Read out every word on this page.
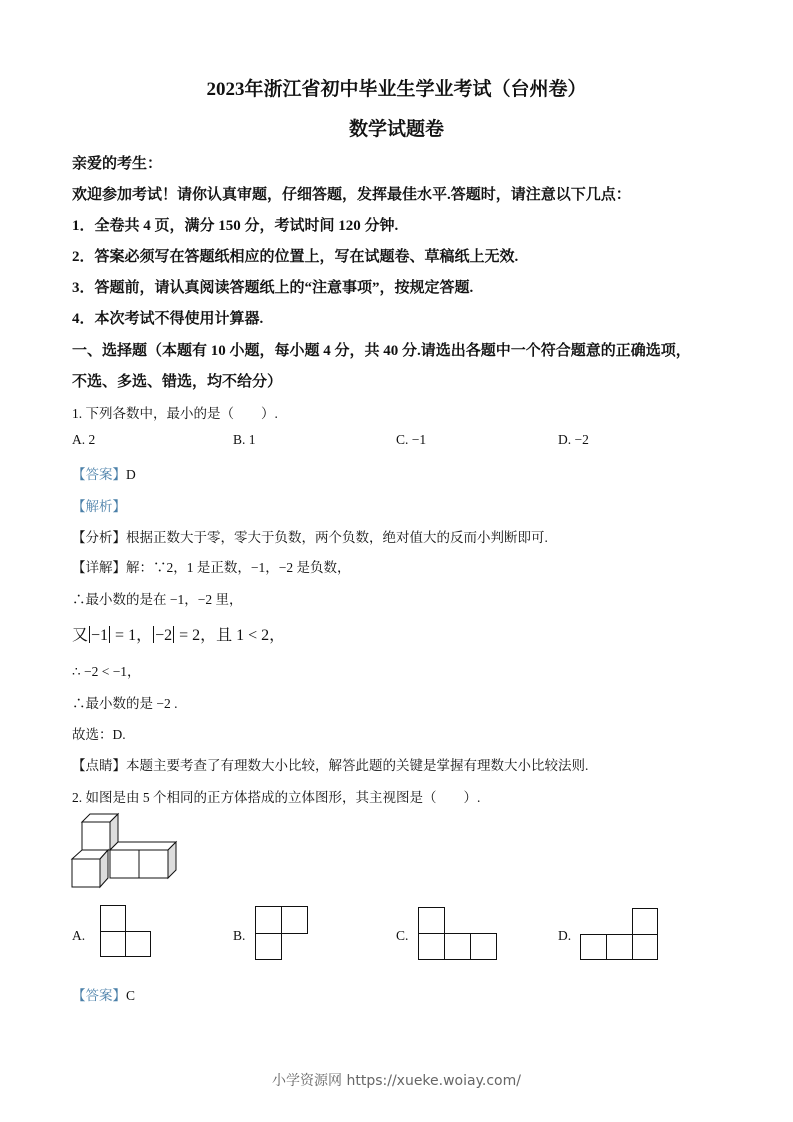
2023年浙江省初中毕业生学业考试（台州卷）
数学试题卷
亲爱的考生：
欢迎参加考试！请你认真审题，仔细答题，发挥最佳水平.答题时，请注意以下几点：
1．全卷共 4 页，满分 150 分，考试时间 120 分钟.
2．答案必须写在答题纸相应的位置上，写在试题卷、草稿纸上无效.
3．答题前，请认真阅读答题纸上的“注意事项”，按规定答题.
4．本次考试不得使用计算器.
一、选择题（本题有 10 小题，每小题 4 分，共 40 分.请选出各题中一个符合题意的正确选项，
不选、多选、错选，均不给分）
1. 下列各数中，最小的是（　　）.
A. 2	B. 1	C. −1	D. −2
【答案】D
【解析】
【分析】根据正数大于零，零大于负数，两个负数，绝对值大的反而小判断即可.
【详解】解：∵2，1 是正数，−1，−2 是负数，
∴最小数的是在 −1，−2 里，
又 −1 = 1， −2 = 2，且 1 < 2，
∴ −2 < −1，
∴最小数的是 −2 .
故选：D.
【点睛】本题主要考查了有理数大小比较，解答此题的关键是掌握有理数大小比较法则.
2. 如图是由 5 个相同的正方体搭成的立体图形，其主视图是（　　）.
A.	B.	C.	D.
【答案】C
小学资源网 https://xueke.woiay.com/
